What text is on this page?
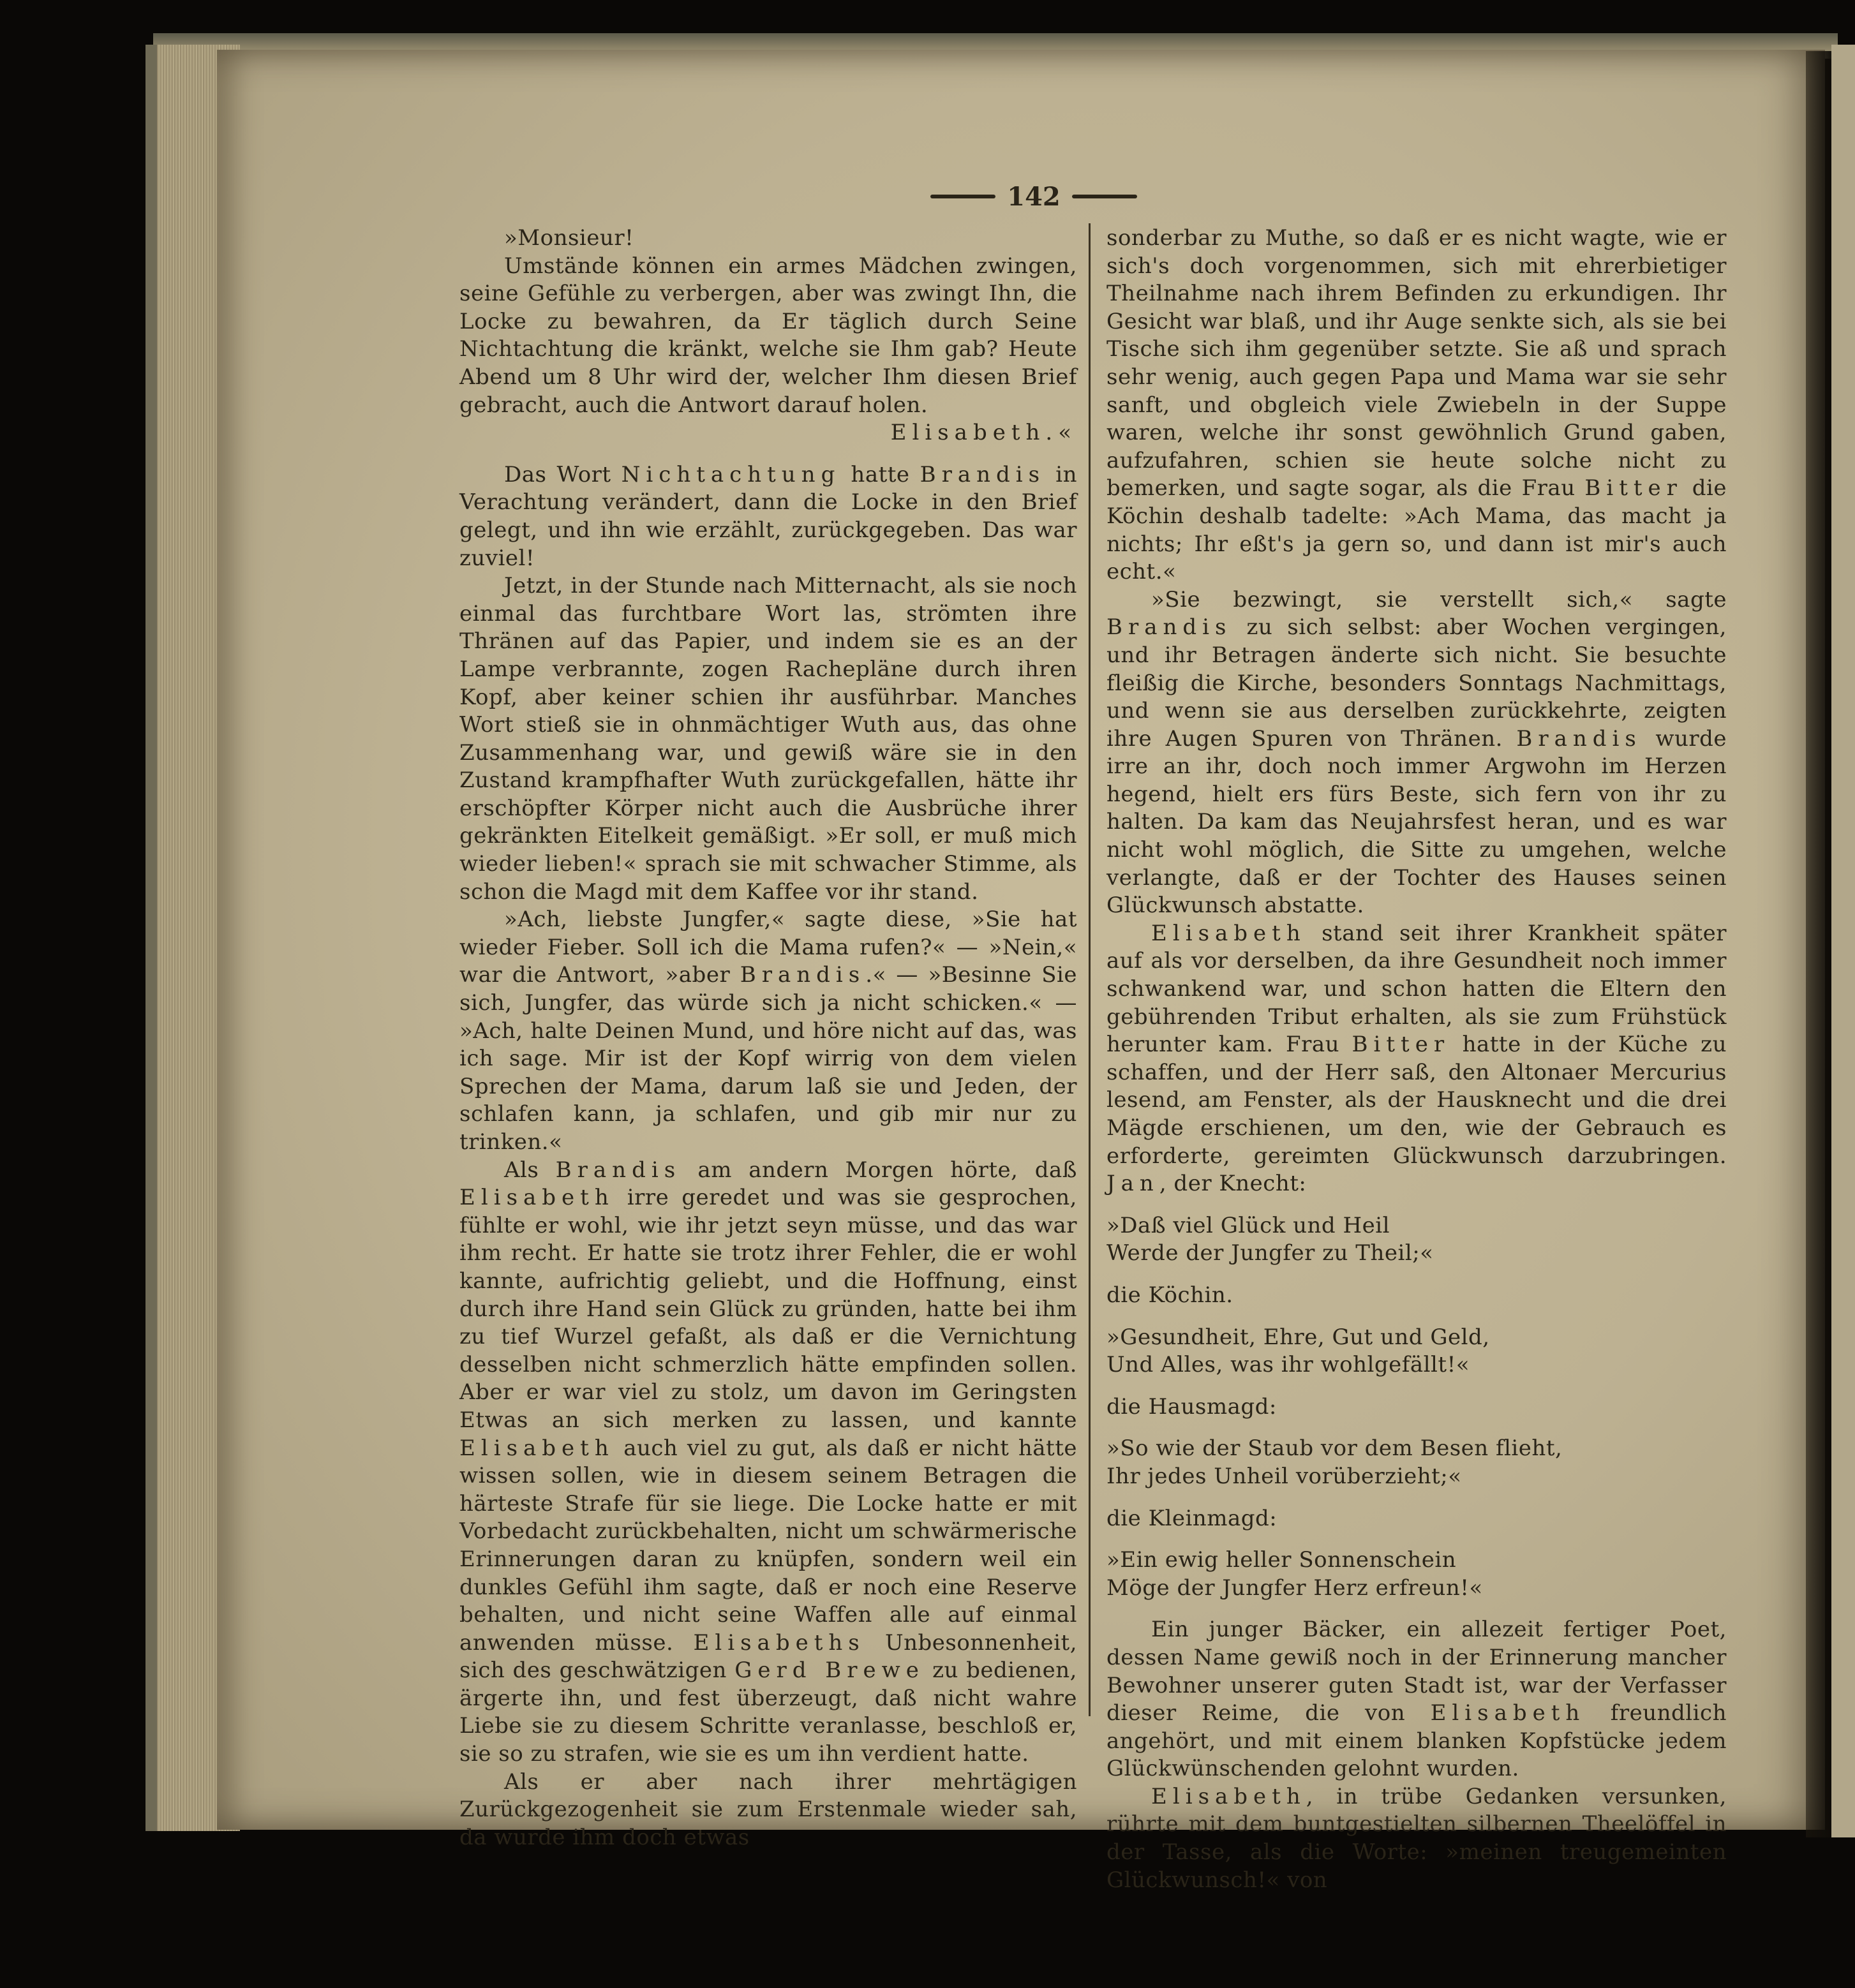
142

»Monsieur!

Umstände können ein armes Mädchen zwingen, seine Gefühle zu verbergen, aber was zwingt Ihn, die Locke zu bewahren, da Er täglich durch Seine Nichtachtung die kränkt, welche sie Ihm gab? Heute Abend um 8 Uhr wird der, welcher Ihm diesen Brief gebracht, auch die Antwort darauf holen.

Elisabeth.«

Das Wort Nichtachtung hatte Brandis in Verachtung verändert, dann die Locke in den Brief gelegt, und ihn wie erzählt, zurückgegeben. Das war zuviel!

Jetzt, in der Stunde nach Mitternacht, als sie noch einmal das furchtbare Wort las, strömten ihre Thränen auf das Papier, und indem sie es an der Lampe verbrannte, zogen Racheplänе durch ihren Kopf, aber keiner schien ihr ausführbar. Manches Wort stieß sie in ohnmächtiger Wuth aus, das ohne Zusammenhang war, und gewiß wäre sie in den Zustand krampfhafter Wuth zurückgefallen, hätte ihr erschöpfter Körper nicht auch die Ausbrüche ihrer gekränkten Eitelkeit gemäßigt. »Er soll, er muß mich wieder lieben!« sprach sie mit schwacher Stimme, als schon die Magd mit dem Kaffee vor ihr stand.

»Ach, liebste Jungfer,« sagte diese, »Sie hat wieder Fieber. Soll ich die Mama rufen?« — »Nein,« war die Antwort, »aber Brandis.« — »Besinne Sie sich, Jungfer, das würde sich ja nicht schicken.« — »Ach, halte Deinen Mund, und höre nicht auf das, was ich sage. Mir ist der Kopf wirrig von dem vielen Sprechen der Mama, darum laß sie und Jeden, der schlafen kann, ja schlafen, und gib mir nur zu trinken.«

Als Brandis am andern Morgen hörte, daß Elisabeth irre geredet und was sie gesprochen, fühlte er wohl, wie ihr jetzt seyn müsse, und das war ihm recht. Er hatte sie trotz ihrer Fehler, die er wohl kannte, aufrichtig geliebt, und die Hoffnung, einst durch ihre Hand sein Glück zu gründen, hatte bei ihm zu tief Wurzel gefaßt, als daß er die Vernichtung desselben nicht schmerzlich hätte empfinden sollen. Aber er war viel zu stolz, um davon im Geringsten Etwas an sich merken zu lassen, und kannte Elisabeth auch viel zu gut, als daß er nicht hätte wissen sollen, wie in diesem seinem Betragen die härteste Strafe für sie liege. Die Locke hatte er mit Vorbedacht zurückbehalten, nicht um schwärmerische Erinnerungen daran zu knüpfen, sondern weil ein dunkles Gefühl ihm sagte, daß er noch eine Reserve behalten, und nicht seine Waffen alle auf einmal anwenden müsse. Elisabeths Unbesonnenheit, sich des geschwätzigen Gerd Brewe zu bedienen, ärgerte ihn, und fest überzeugt, daß nicht wahre Liebe sie zu diesem Schritte veranlasse, beschloß er, sie so zu strafen, wie sie es um ihn verdient hatte.

Als er aber nach ihrer mehrtägigen Zurückgezogenheit sie zum Erstenmale wieder sah, da wurde ihm doch etwas

sonderbar zu Muthe, so daß er es nicht wagte, wie er sich's doch vorgenommen, sich mit ehrerbietiger Theilnahme nach ihrem Befinden zu erkundigen. Ihr Gesicht war blaß, und ihr Auge senkte sich, als sie bei Tische sich ihm gegenüber setzte. Sie aß und sprach sehr wenig, auch gegen Papa und Mama war sie sehr sanft, und obgleich viele Zwiebeln in der Suppe waren, welche ihr sonst gewöhnlich Grund gaben, aufzufahren, schien sie heute solche nicht zu bemerken, und sagte sogar, als die Frau Bitter die Köchin deshalb tadelte: »Ach Mama, das macht ja nichts; Ihr eßt's ja gern so, und dann ist mir's auch echt.«

»Sie bezwingt, sie verstellt sich,« sagte Brandis zu sich selbst: aber Wochen vergingen, und ihr Betragen änderte sich nicht. Sie besuchte fleißig die Kirche, besonders Sonntags Nachmittags, und wenn sie aus derselben zurückkehrte, zeigten ihre Augen Spuren von Thränen. Brandis wurde irre an ihr, doch noch immer Argwohn im Herzen hegend, hielt ers fürs Beste, sich fern von ihr zu halten. Da kam das Neujahrsfest heran, und es war nicht wohl möglich, die Sitte zu umgehen, welche verlangte, daß er der Tochter des Hauses seinen Glückwunsch abstatte.

Elisabeth stand seit ihrer Krankheit später auf als vor derselben, da ihre Gesundheit noch immer schwankend war, und schon hatten die Eltern den gebührenden Tribut erhalten, als sie zum Frühstück herunter kam. Frau Bitter hatte in der Küche zu schaffen, und der Herr saß, den Altonaer Mercurius lesend, am Fenster, als der Hausknecht und die drei Mägde erschienen, um den, wie der Gebrauch es erforderte, gereimten Glückwunsch darzubringen. Jan, der Knecht:

»Daß viel Glück und Heil

Werde der Jungfer zu Theil;«

die Köchin.

»Gesundheit, Ehre, Gut und Geld,

Und Alles, was ihr wohlgefällt!«

die Hausmagd:

»So wie der Staub vor dem Besen flieht,

Ihr jedes Unheil vorüberzieht;«

die Kleinmagd:

»Ein ewig heller Sonnenschein

Möge der Jungfer Herz erfreun!«

Ein junger Bäcker, ein allezeit fertiger Poet, dessen Name gewiß noch in der Erinnerung mancher Bewohner unserer guten Stadt ist, war der Verfasser dieser Reime, die von Elisabeth freundlich angehört, und mit einem blanken Kopfstücke jedem Glückwünschenden gelohnt wurden.

Elisabeth, in trübe Gedanken versunken, rührte mit dem buntgestielten silbernen Theelöffel in der Tasse, als die Worte: »meinen treugemeinten Glückwunsch!« von
